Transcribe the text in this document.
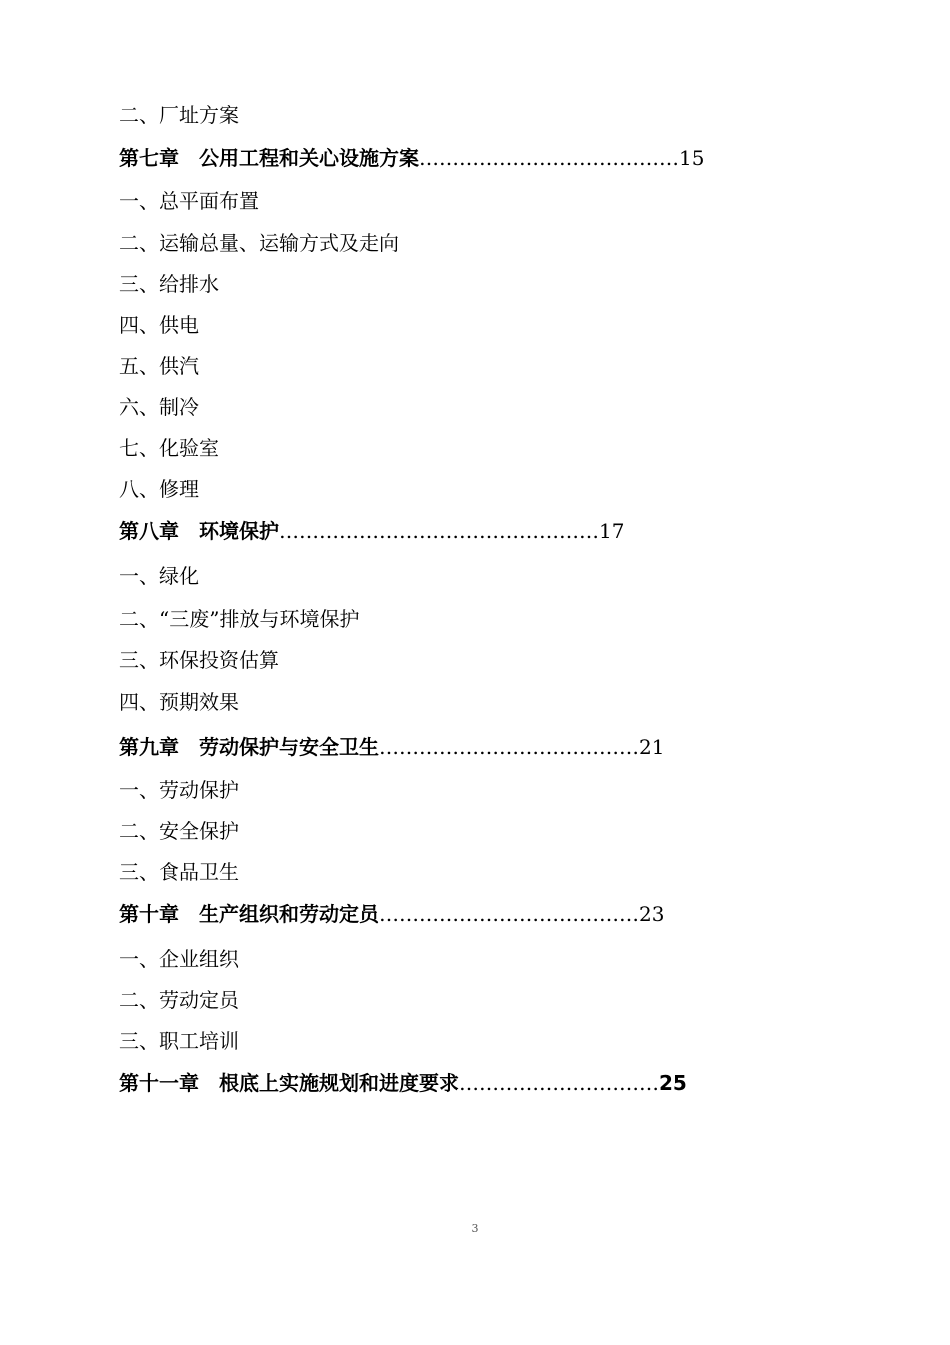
二、厂址方案
第七章　公用工程和关心设施方案…………………………………15
一、总平面布置
二、运输总量、运输方式及走向
三、给排水
四、供电
五、供汽
六、制冷
七、化验室
八、修理
第八章　环境保护…………………………………………17
一、绿化
二、“三废”排放与环境保护
三、环保投资估算
四、预期效果
第九章　劳动保护与安全卫生…………………………………21
一、劳动保护
二、安全保护
三、食品卫生
第十章　生产组织和劳动定员…………………………………23
一、企业组织
二、劳动定员
三、职工培训
第十一章　根底上实施规划和进度要求…………………………25
3
